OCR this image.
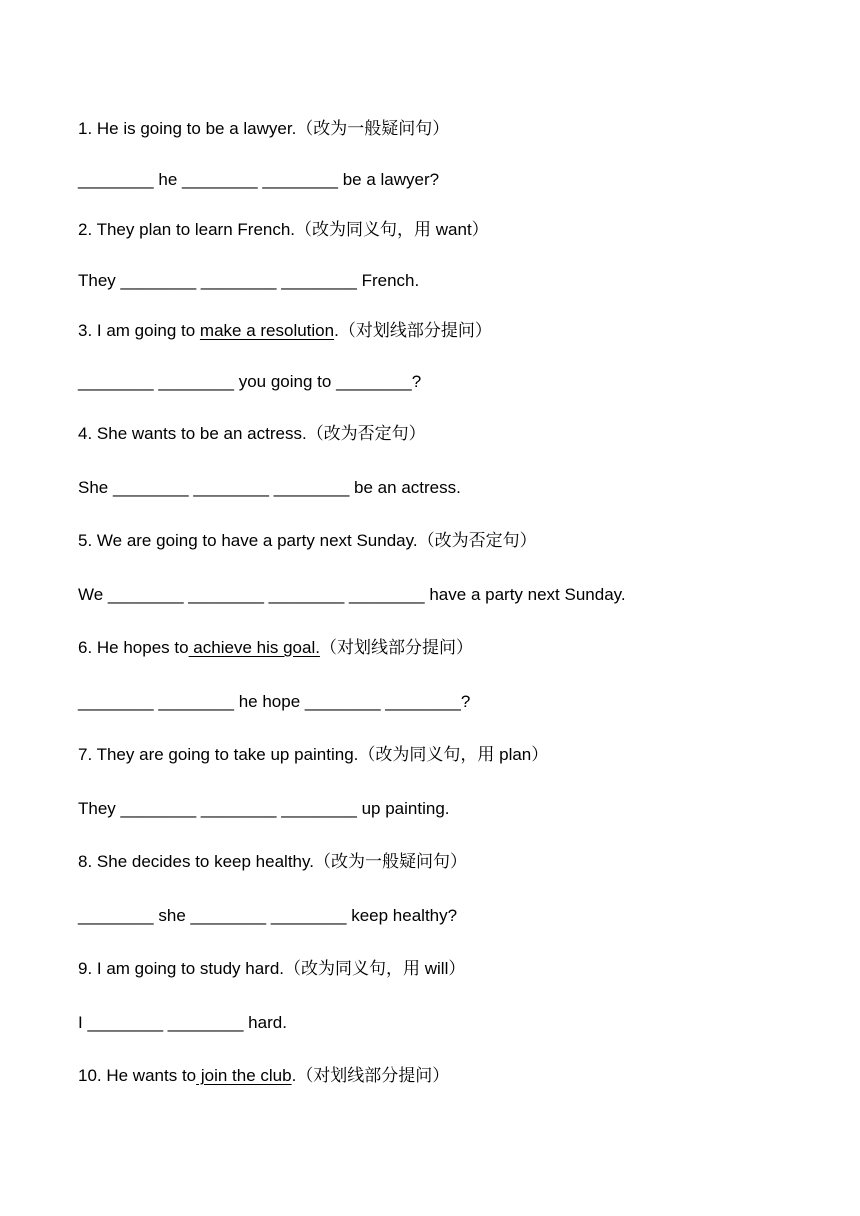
1. He is going to be a lawyer.（改为一般疑问句）
________ he ________ ________ be a lawyer?
2. They plan to learn French.（改为同义句，用 want）
They ________ ________ ________ French.
3. I am going to make a resolution.（对划线部分提问）
________ ________ you going to ________?
4. She wants to be an actress.（改为否定句）
She ________ ________ ________ be an actress.
5. We are going to have a party next Sunday.（改为否定句）
We ________ ________ ________ ________ have a party next Sunday.
6. He hopes to achieve his goal.（对划线部分提问）
________ ________ he hope ________ ________?
7. They are going to take up painting.（改为同义句，用 plan）
They ________ ________ ________ up painting.
8. She decides to keep healthy.（改为一般疑问句）
________ she ________ ________ keep healthy?
9. I am going to study hard.（改为同义句，用 will）
I ________ ________ hard.
10. He wants to join the club.（对划线部分提问）
